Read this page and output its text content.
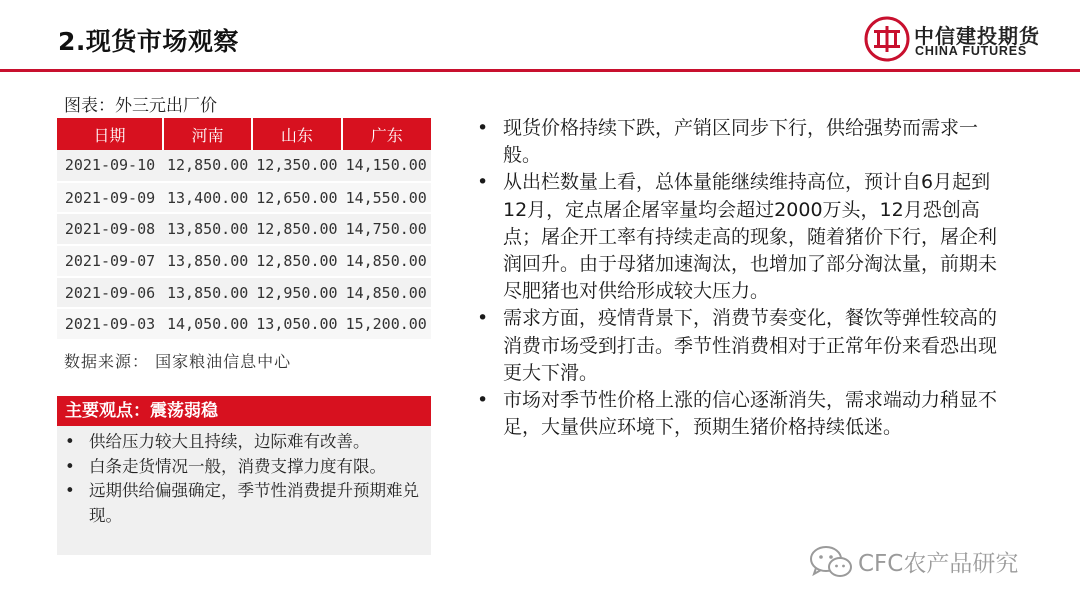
2.现货市场观察	中信建投期货
CHINA FUTURES
图表：外三元出厂价
日期	河南	山东	广东
2021-09-10	12,850.00	12,350.00	14,150.00
2021-09-09	13,400.00	12,650.00	14,550.00
2021-09-08	13,850.00	12,850.00	14,750.00
2021-09-07	13,850.00	12,850.00	14,850.00
2021-09-06	13,850.00	12,950.00	14,850.00
2021-09-03	14,050.00	13,050.00	15,200.00
数据来源： 国家粮油信息中心
主要观点：震荡弱稳
• 供给压力较大且持续，边际难有改善。
• 白条走货情况一般，消费支撑力度有限。
• 远期供给偏强确定，季节性消费提升预期难兑现。
• 现货价格持续下跌，产销区同步下行，供给强势而需求一般。
• 从出栏数量上看，总体量能继续维持高位，预计自6月起到12月，定点屠企屠宰量均会超过2000万头，12月恐创高点；屠企开工率有持续走高的现象，随着猪价下行，屠企利润回升。由于母猪加速淘汰，也增加了部分淘汰量，前期未尽肥猪也对供给形成较大压力。
• 需求方面，疫情背景下，消费节奏变化，餐饮等弹性较高的消费市场受到打击。季节性消费相对于正常年份来看恐出现更大下滑。
• 市场对季节性价格上涨的信心逐渐消失，需求端动力稍显不足，大量供应环境下，预期生猪价格持续低迷。
CFC农产品研究
